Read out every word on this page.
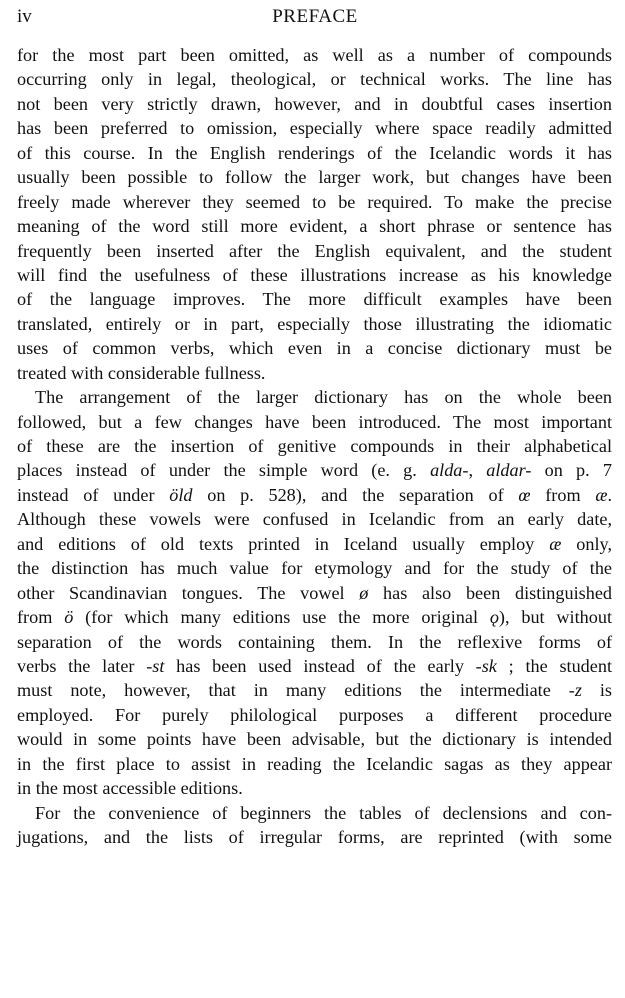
iv	PREFACE
for the most part been omitted, as well as a number of compounds
occurring only in legal, theological, or technical works. The line has
not been very strictly drawn, however, and in doubtful cases insertion
has been preferred to omission, especially where space readily admitted
of this course. In the English renderings of the Icelandic words it has
usually been possible to follow the larger work, but changes have been
freely made wherever they seemed to be required. To make the precise
meaning of the word still more evident, a short phrase or sentence has
frequently been inserted after the English equivalent, and the student
will find the usefulness of these illustrations increase as his knowledge
of the language improves. The more difficult examples have been
translated, entirely or in part, especially those illustrating the idiomatic
uses of common verbs, which even in a concise dictionary must be
treated with considerable fullness.
The arrangement of the larger dictionary has on the whole been
followed, but a few changes have been introduced. The most important
of these are the insertion of genitive compounds in their alphabetical
places instead of under the simple word (e. g. alda-, aldar- on p. 7
instead of under öld on p. 528), and the separation of œ from æ.
Although these vowels were confused in Icelandic from an early date,
and editions of old texts printed in Iceland usually employ æ only,
the distinction has much value for etymology and for the study of the
other Scandinavian tongues. The vowel ø has also been distinguished
from ö (for which many editions use the more original ǫ), but without
separation of the words containing them. In the reflexive forms of
verbs the later -st has been used instead of the early -sk ; the student
must note, however, that in many editions the intermediate -z is
employed. For purely philological purposes a different procedure
would in some points have been advisable, but the dictionary is intended
in the first place to assist in reading the Icelandic sagas as they appear
in the most accessible editions.
For the convenience of beginners the tables of declensions and con-
jugations, and the lists of irregular forms, are reprinted (with some
